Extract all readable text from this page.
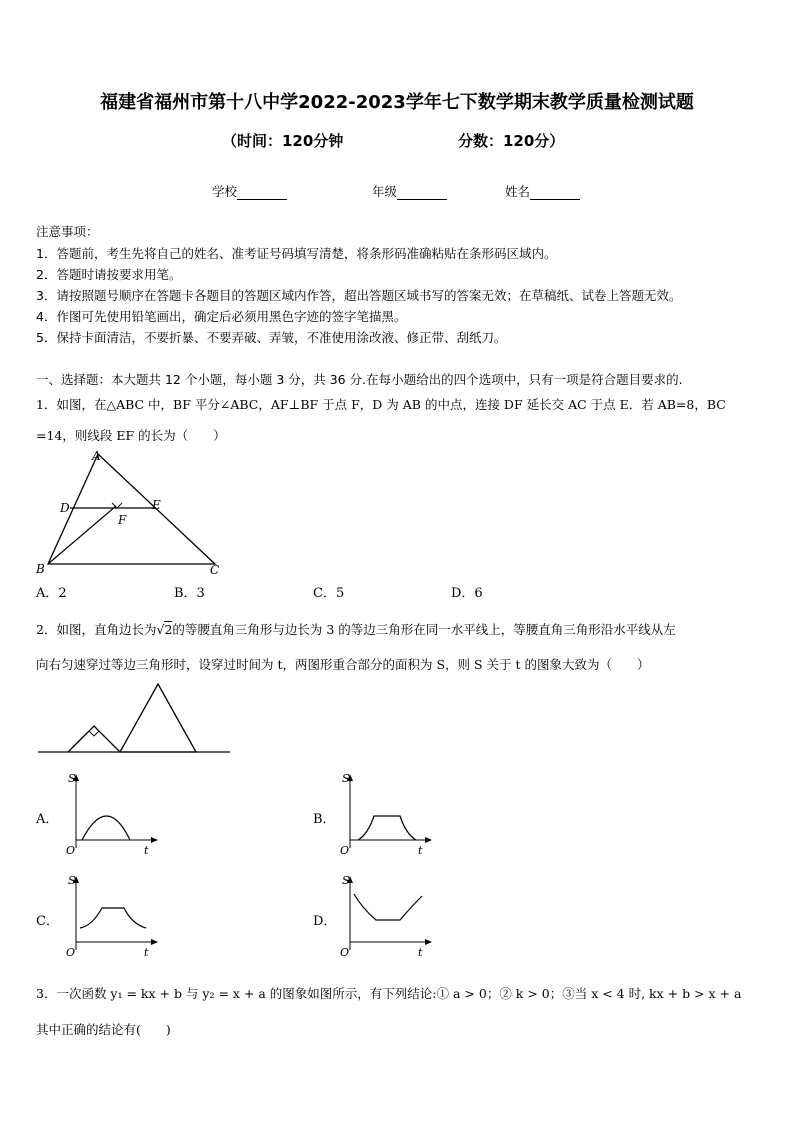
福建省福州市第十八中学2022-2023学年七下数学期末教学质量检测试题
（时间：120分钟	分数：120分）
学校	年级	姓名
注意事项：
1．答题前，考生先将自己的姓名、准考证号码填写清楚，将条形码准确粘贴在条形码区域内。
2．答题时请按要求用笔。
3．请按照题号顺序在答题卡各题目的答题区域内作答，超出答题区域书写的答案无效；在草稿纸、试卷上答题无效。
4．作图可先使用铅笔画出，确定后必须用黑色字迹的签字笔描黑。
5．保持卡面清洁，不要折暴、不要弄破、弄皱，不准使用涂改液、修正带、刮纸刀。
一、选择题：本大题共 12 个小题，每小题 3 分，共 36 分.在每小题给出的四个选项中，只有一项是符合题目要求的.
1．如图，在△ABC 中，BF 平分∠ABC，AF⊥BF 于点 F，D 为 AB 的中点，连接 DF 延长交 AC 于点 E．若 AB=8，BC
=14，则线段 EF 的长为（　　）
A
D	E
F
B	C
A．2	B．3	C．5	D．6
2．如图，直角边长为√2的等腰直角三角形与边长为 3 的等边三角形在同一水平线上，等腰直角三角形沿水平线从左
向右匀速穿过等边三角形时，设穿过时间为 t，两图形重合部分的面积为 S，则 S 关于 t 的图象大致为（　　）
A．
S
O	t
B．
S
O	t
C．
S
O	t
D．
S
O	t
3．一次函数 y₁ = kx + b 与 y₂ = x + a 的图象如图所示，有下列结论:① a > 0；② k > 0；③当 x < 4 时, kx + b > x + a
其中正确的结论有(　　)
